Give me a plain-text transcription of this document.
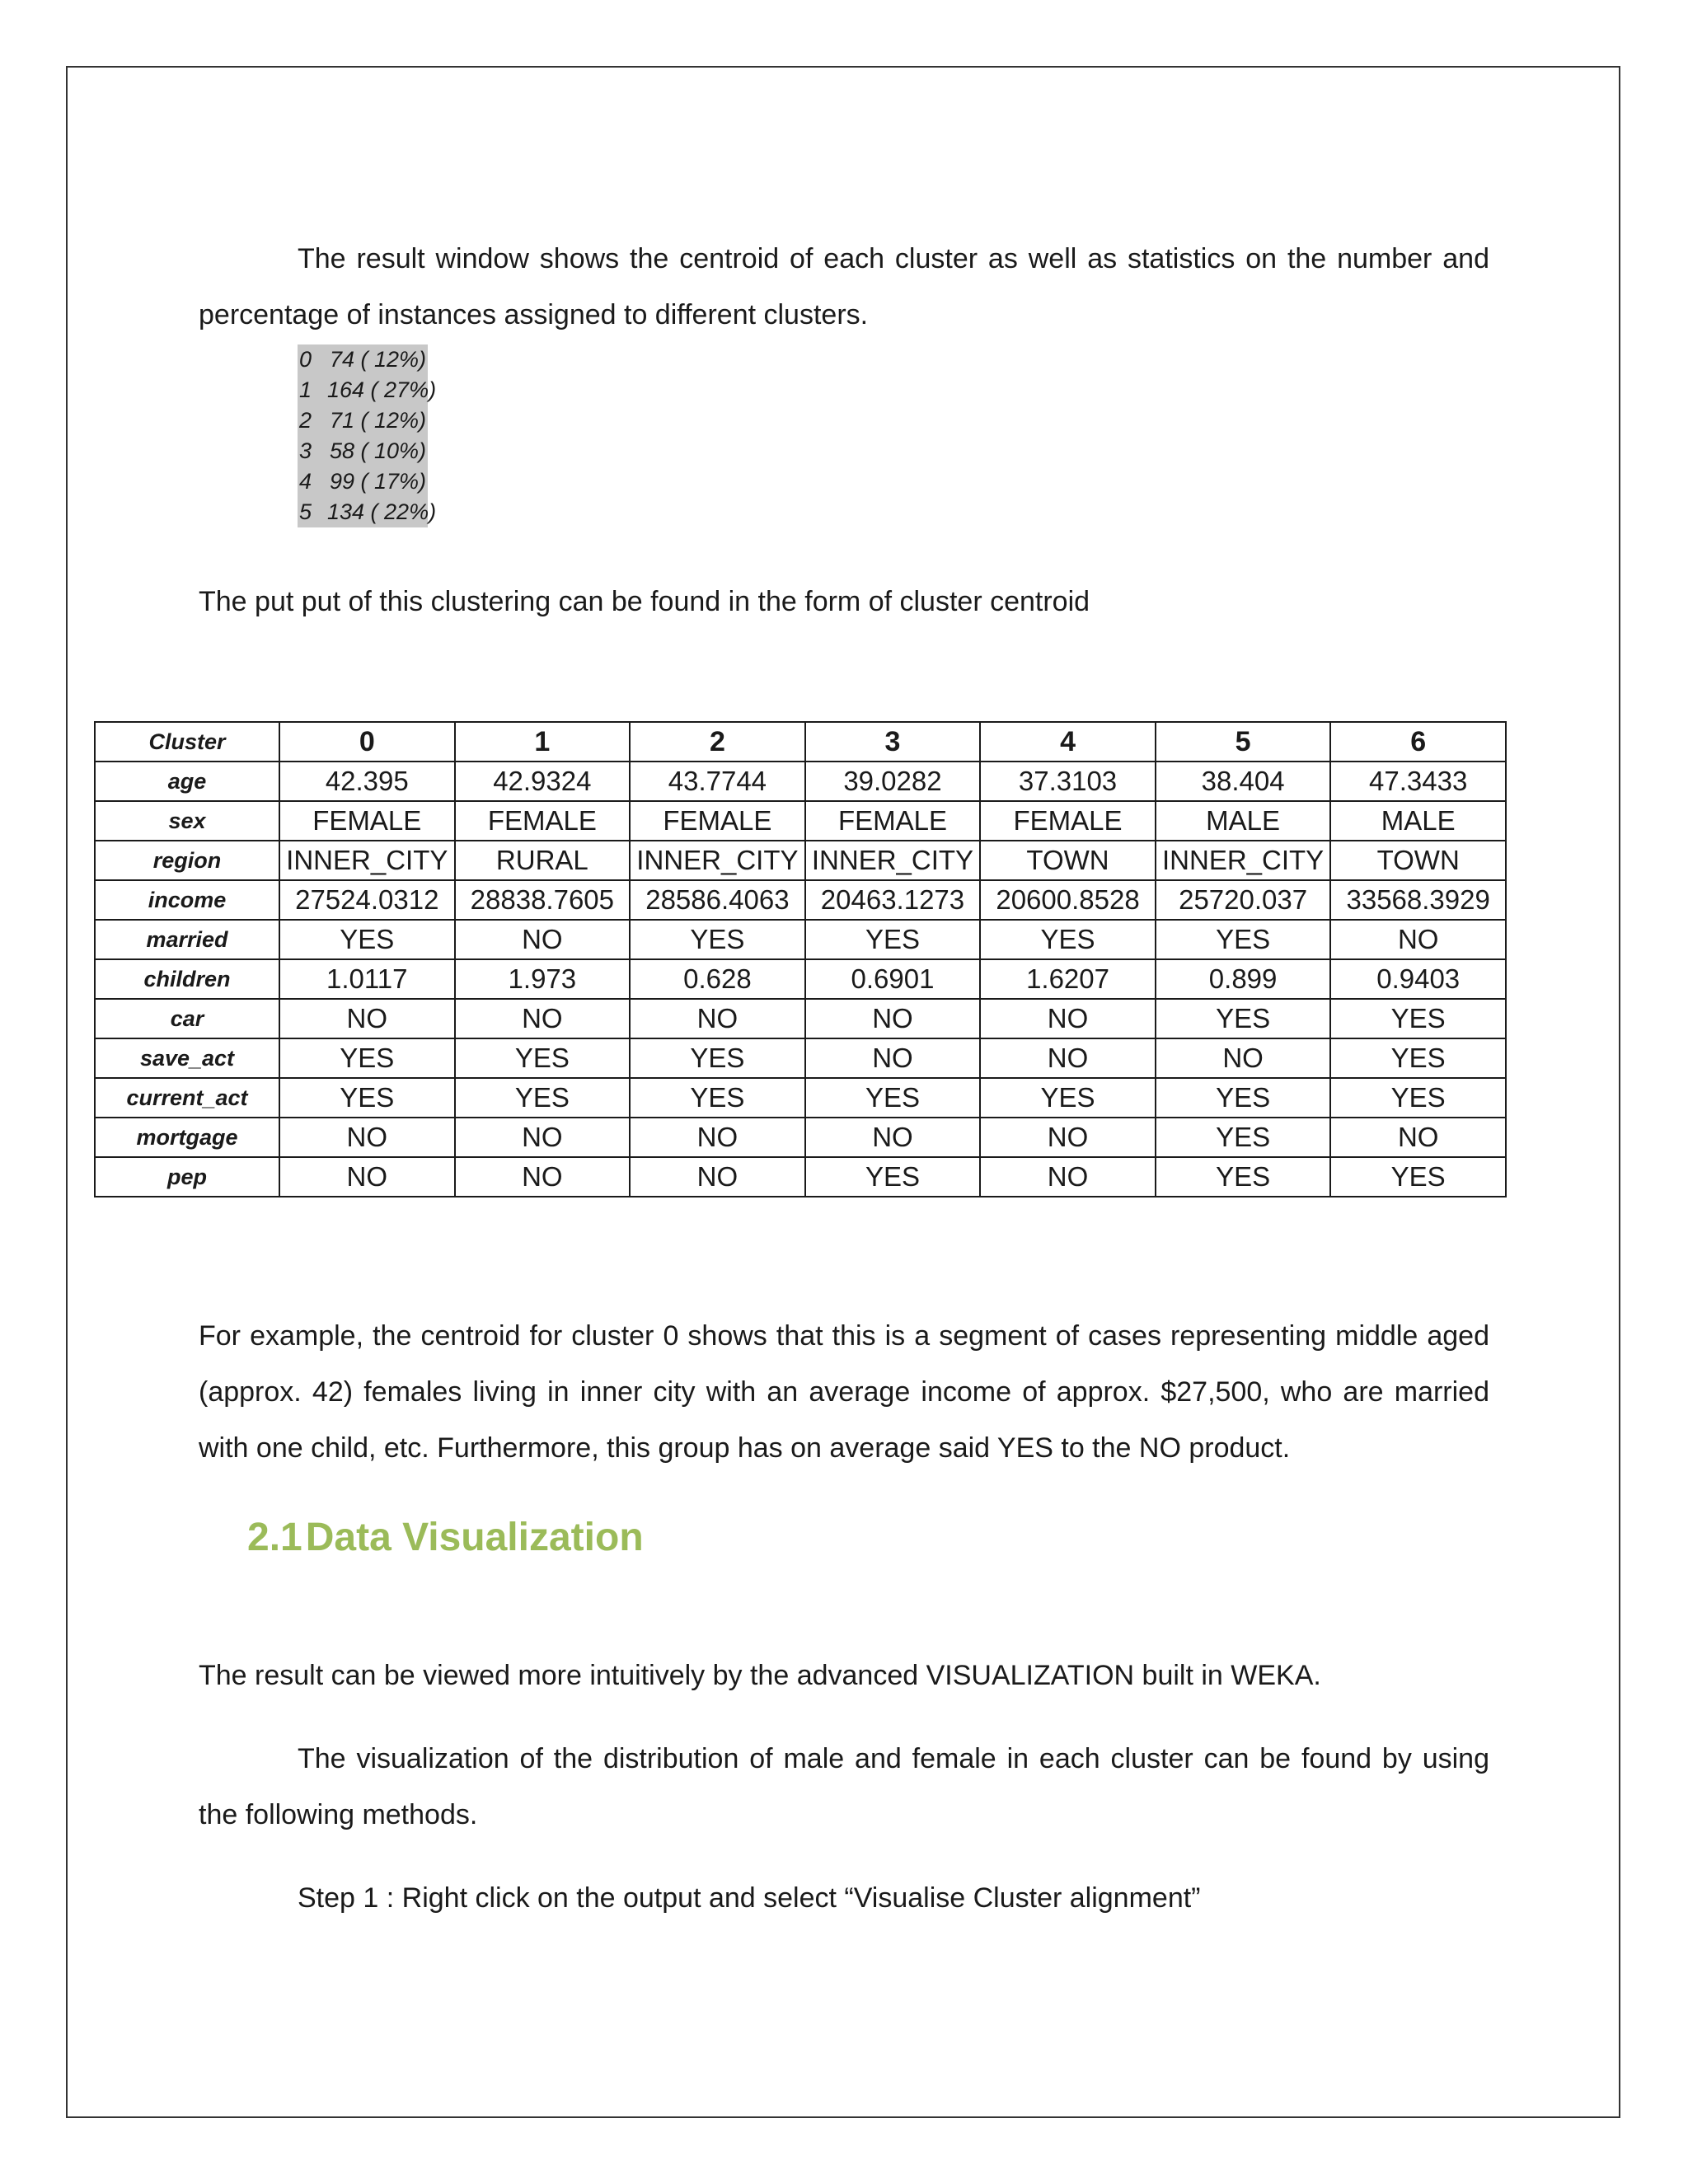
The result window shows the centroid of each cluster as well as statistics on the number and percentage of instances assigned to different clusters.

0 74 ( 12%)
1 164 ( 27%)
2 71 ( 12%)
3 58 ( 10%)
4 99 ( 17%)
5 134 ( 22%)

The put put of this clustering can be found in the form of cluster centroid

Cluster	0	1	2	3	4	5	6
age	42.395	42.9324	43.7744	39.0282	37.3103	38.404	47.3433
sex	FEMALE	FEMALE	FEMALE	FEMALE	FEMALE	MALE	MALE
region	INNER_CITY	RURAL	INNER_CITY	INNER_CITY	TOWN	INNER_CITY	TOWN
income	27524.0312	28838.7605	28586.4063	20463.1273	20600.8528	25720.037	33568.3929
married	YES	NO	YES	YES	YES	YES	NO
children	1.0117	1.973	0.628	0.6901	1.6207	0.899	0.9403
car	NO	NO	NO	NO	NO	YES	YES
save_act	YES	YES	YES	NO	NO	NO	YES
current_act	YES	YES	YES	YES	YES	YES	YES
mortgage	NO	NO	NO	NO	NO	YES	NO
pep	NO	NO	NO	YES	NO	YES	YES

For example, the centroid for cluster 0 shows that this is a segment of cases representing middle aged (approx. 42) females living in inner city with an average income of approx. $27,500, who are married with one child, etc. Furthermore, this group has on average said YES to the NO product.

2.1Data Visualization

The result can be viewed more intuitively by the advanced VISUALIZATION built in WEKA.

The visualization of the distribution of male and female in each cluster can be found by using the following methods.

Step 1 : Right click on the output and select “Visualise Cluster alignment”
